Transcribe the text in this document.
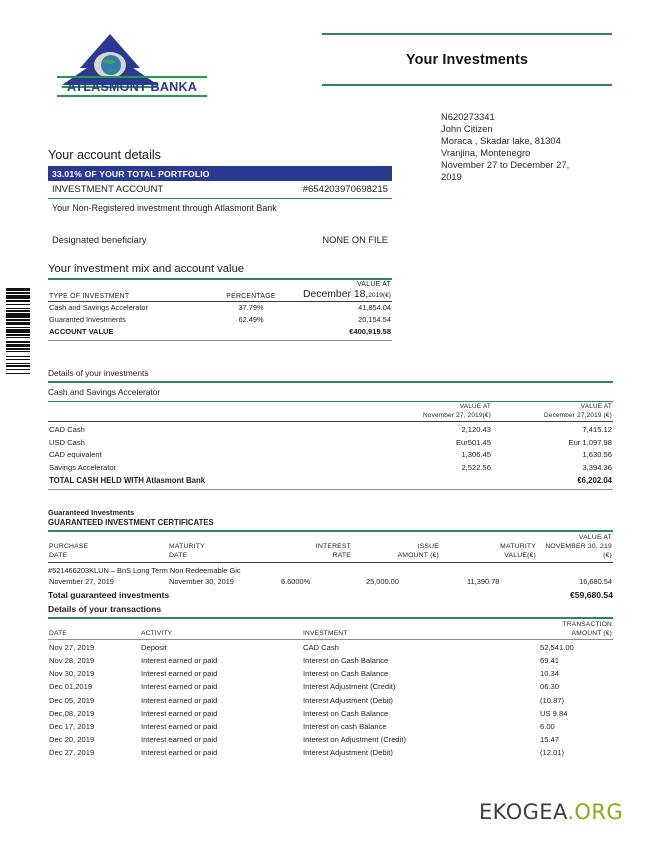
ATLASMONT BANKA
Your Investments
N620273341
John Citizen
Moraca , Skadar lake, 81304
Vranjina, Montenegro
November 27 to December 27,
2019
Your account details
33.01% OF YOUR TOTAL PORTFOLIO
INVESTMENT ACCOUNT	#654203970698215
Your Non-Registered investment through Atlasmont Bank
Designated beneficiary	NONE ON FILE
Your investment mix and account value
TYPE OF INVESTMENT	PERCENTAGE	
VALUE AT
December 18,2019(€)
Cash and Savings Accelerator	37.79%	41,854.04
Guaranted Investments	62.49%	20,154.54
ACCOUNT VALUE		€400,919.58
Details of your investments
Cash and Savings Accelerator

VALUE AT
November 27, 2019(€)

VALUE AT
December 27,2019 (€)
CAD Cash	2,120.43	7,415.12
USD Cash	Eur501.45	Eur 1,097.98
CAD equivalent	1,306.45	1,630.56
Savings Accelerator	2,522.56	3,394.36
TOTAL CASH HELD WITH Atlasmont Bank		€6,202.04
Guaranteed Investments
GUARANTEED INVESTMENT CERTIFICATES
PURCHASE
DATE

MATURITY
DATE

INTEREST
RATE

ISSUE
AMOUNT (€)

MATURITY
VALUE(€)

VALUE AT
NOVEMBER 30, 219 (€)
#521466203KLUN – BnS Long Term Non Redeemable Gic
November 27, 2019	November 30, 2019	6.6000%	25,000.00	11,390.78	16,680.54
Total guaranteed investments	€59,680.54
Details of your transactions
DATE	ACTIVITY	INVESTMENT	
TRANSACTION
AMOUNT (€)
Nov 27, 2019	Deposit	CAD Cash	52,541.00
Nov 28, 2019	Interest earned or paid	Interest on Cash Balance	69.41
Nov 30, 2019	Interest earned or paid	Interest on Cash Balance	10.34
Dec 01,2019	Interest earned or paid	Interest Adjustment (Credit)	06.30
Dec 05, 2019	Interest earned or paid	Interest Adjustment (Debit)	(10.87)
Dec,08, 2019	Interest earned or paid	Interest on Cash Balance	US 9.84
Dec 17, 2019	Interest earned or paid	Interest on cash Balance	6.00
Dec 20, 2019	Interest earned or paid	Interest on Adjustment (Credit)	15.47
Dec 27, 2019	Interest earned or paid	Interest Adjustment (Debit)	(12.01)
EKOGEA.ORG
